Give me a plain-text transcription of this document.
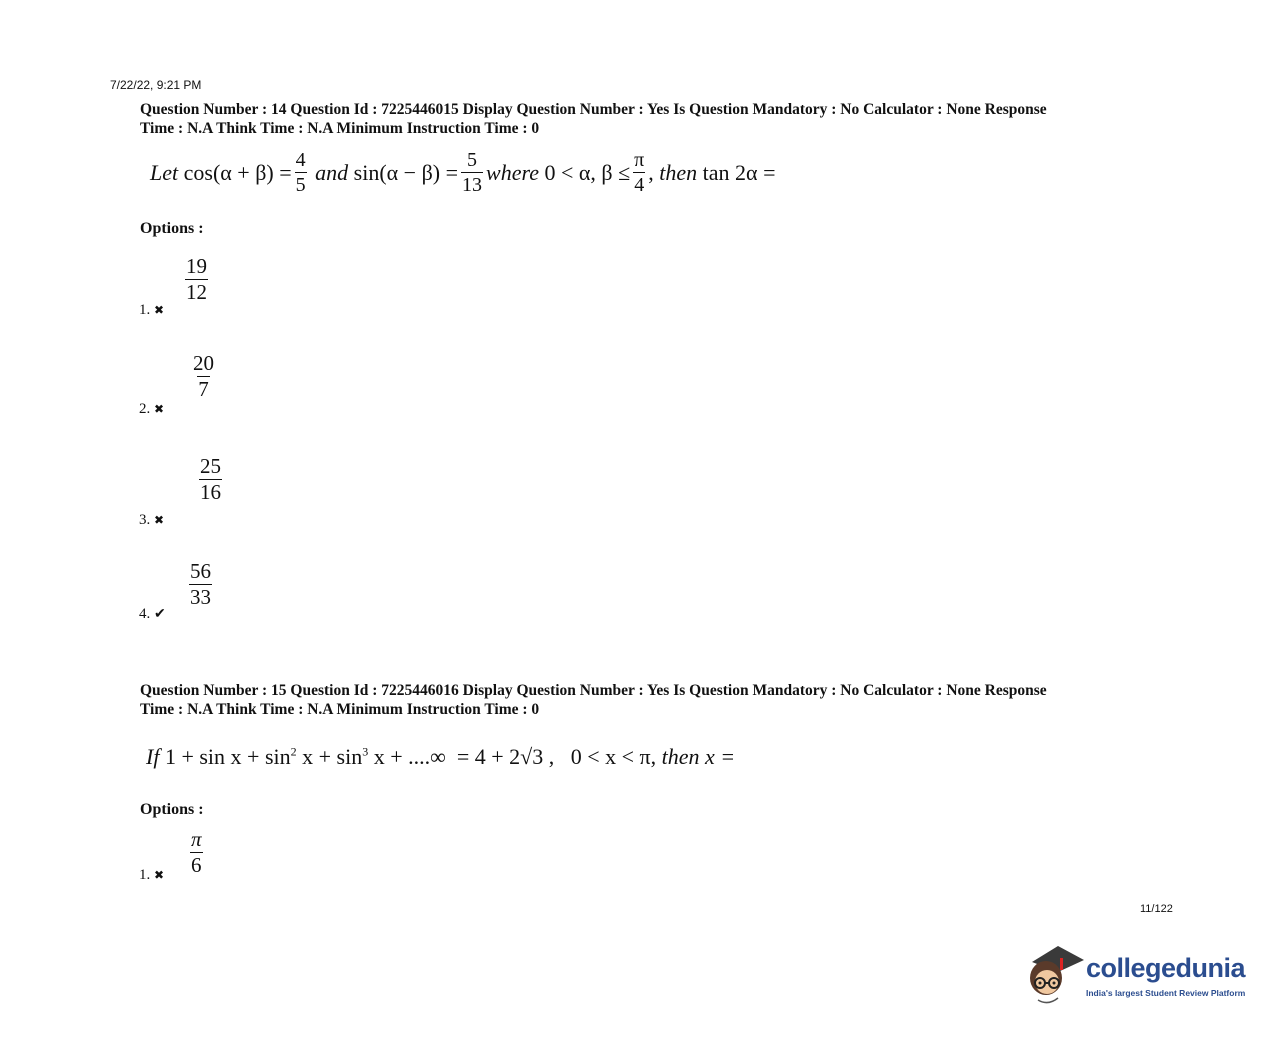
7/22/22, 9:21 PM
Question Number : 14 Question Id : 7225446015 Display Question Number : Yes Is Question Mandatory : No Calculator : None Response
Time : N.A Think Time : N.A Minimum Instruction Time : 0
Let
$\cos(\alpha + \beta) = \frac{4}{5}$
and
$\sin(\alpha - \beta) = \frac{5}{13}$ where
0 < α, $\beta \le \frac{\pi}{4}$ ,
then
tan 2α =
Options :
1. ✖
$\frac{19}{12}$
2. ✖
$\frac{20}{7}$
3. ✖
$\frac{25}{16}$
4. ✔
$\frac{56}{33}$
Question Number : 15 Question Id : 7225446016 Display Question Number : Yes Is Question Mandatory : No Calculator : None Response
Time : N.A Think Time : N.A Minimum Instruction Time : 0
If
$1 + \sin x + \sin^2 x + \sin^3 x$ + ....∞
= 4 + 2√3 ,
0 < x < π,
then
x =
Options :
1. ✖ $\frac{\pi}{6}$
11/122
collegedunia
India's largest Student Review Platform
